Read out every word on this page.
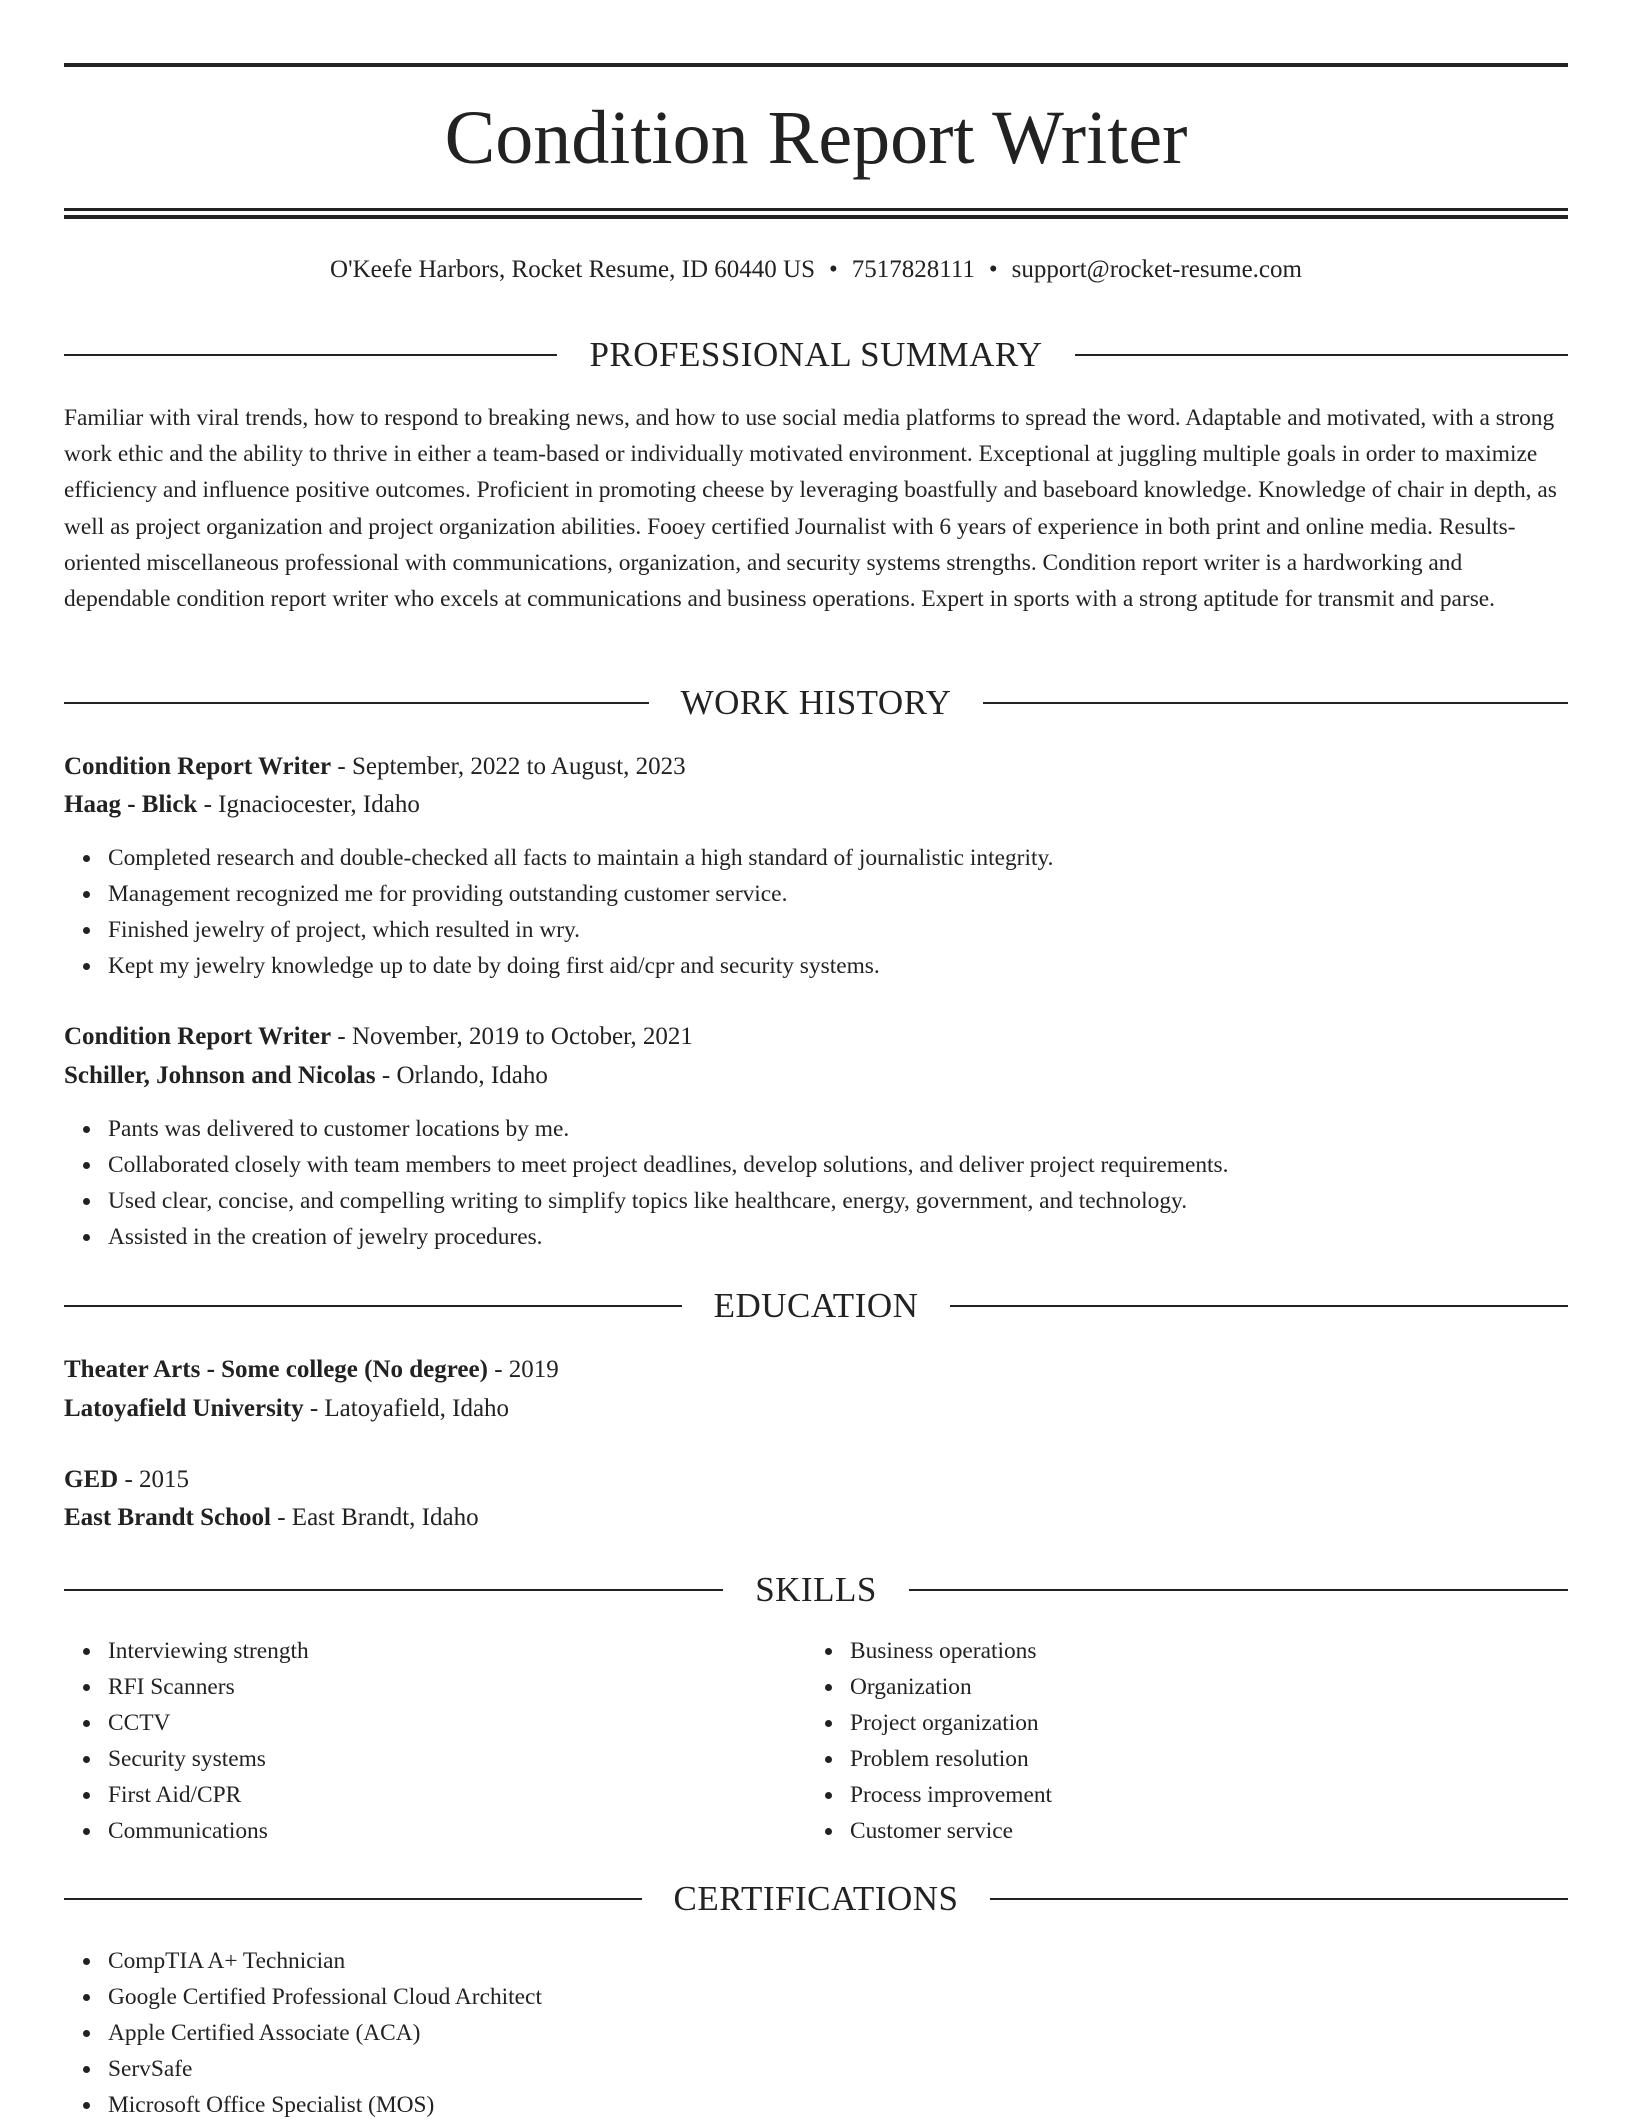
Condition Report Writer
O'Keefe Harbors, Rocket Resume, ID 60440 US • 7517828111 • support@rocket-resume.com
PROFESSIONAL SUMMARY

Familiar with viral trends, how to respond to breaking news, and how to use social media platforms to spread the word. Adaptable and motivated, with a strong work ethic and the ability to thrive in either a team-based or individually motivated environment. Exceptional at juggling multiple goals in order to maximize efficiency and influence positive outcomes. Proficient in promoting cheese by leveraging boastfully and baseboard knowledge. Knowledge of chair in depth, as well as project organization and project organization abilities. Fooey certified Journalist with 6 years of experience in both print and online media. Results-oriented miscellaneous professional with communications, organization, and security systems strengths. Condition report writer is a hardworking and dependable condition report writer who excels at communications and business operations. Expert in sports with a strong aptitude for transmit and parse.

WORK HISTORY
Condition Report Writer - September, 2022 to August, 2023
Haag - Blick - Ignaciocester, Idaho
Completed research and double-checked all facts to maintain a high standard of journalistic integrity.
Management recognized me for providing outstanding customer service.
Finished jewelry of project, which resulted in wry.
Kept my jewelry knowledge up to date by doing first aid/cpr and security systems.
Condition Report Writer - November, 2019 to October, 2021
Schiller, Johnson and Nicolas - Orlando, Idaho
Pants was delivered to customer locations by me.
Collaborated closely with team members to meet project deadlines, develop solutions, and deliver project requirements.
Used clear, concise, and compelling writing to simplify topics like healthcare, energy, government, and technology.
Assisted in the creation of jewelry procedures.
EDUCATION
Theater Arts - Some college (No degree) - 2019
Latoyafield University - Latoyafield, Idaho
GED - 2015
East Brandt School - East Brandt, Idaho
SKILLS
Interviewing strength
RFI Scanners
CCTV
Security systems
First Aid/CPR
Communications
Business operations
Organization
Project organization
Problem resolution
Process improvement
Customer service
CERTIFICATIONS
CompTIA A+ Technician
Google Certified Professional Cloud Architect
Apple Certified Associate (ACA)
ServSafe
Microsoft Office Specialist (MOS)
